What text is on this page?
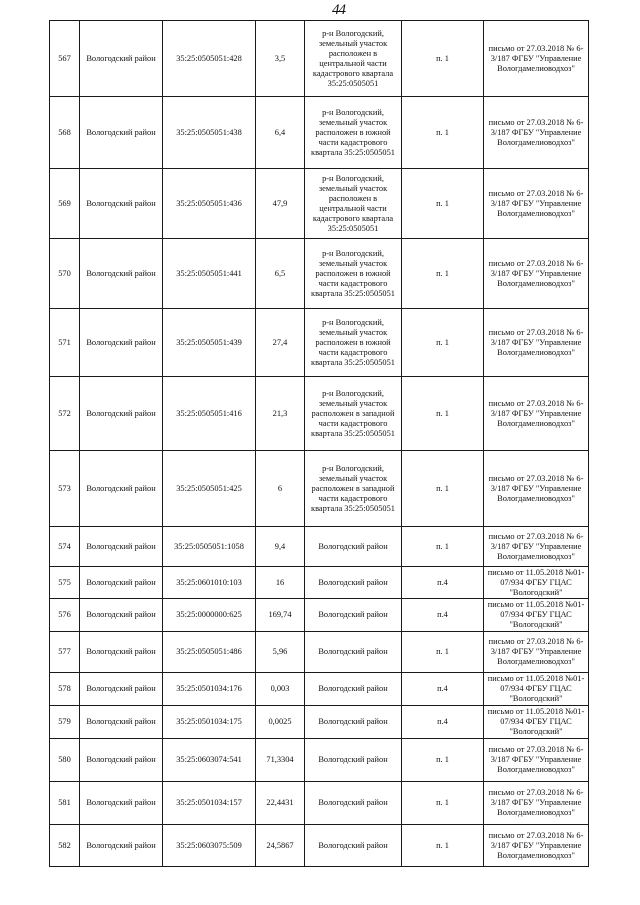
44
567	Вологодский район	35:25:0505051:428	3,5	р-н Вологодский, земельный участок расположен в центральной части кадастрового квартала 35:25:0505051	п. 1	письмо от 27.03.2018 № 6-3/187 ФГБУ "Управление Вологдамелиоводхоз"
568	Вологодский район	35:25:0505051:438	6,4	р-н Вологодский, земельный участок расположен в южной части кадастрового квартала 35:25:0505051	п. 1	письмо от 27.03.2018 № 6-3/187 ФГБУ "Управление Вологдамелиоводхоз"
569	Вологодский район	35:25:0505051:436	47,9	р-н Вологодский, земельный участок расположен в центральной части кадастрового квартала 35:25:0505051	п. 1	письмо от 27.03.2018 № 6-3/187 ФГБУ "Управление Вологдамелиоводхоз"
570	Вологодский район	35:25:0505051:441	6,5	р-н Вологодский, земельный участок расположен в южной части кадастрового квартала 35:25:0505051	п. 1	письмо от 27.03.2018 № 6-3/187 ФГБУ "Управление Вологдамелиоводхоз"
571	Вологодский район	35:25:0505051:439	27,4	р-н Вологодский, земельный участок расположен в южной части кадастрового квартала 35:25:0505051	п. 1	письмо от 27.03.2018 № 6-3/187 ФГБУ "Управление Вологдамелиоводхоз"
572	Вологодский район	35:25:0505051:416	21,3	р-н Вологодский, земельный участок расположен в западной части кадастрового квартала 35:25:0505051	п. 1	письмо от 27.03.2018 № 6-3/187 ФГБУ "Управление Вологдамелиоводхоз"
573	Вологодский район	35:25:0505051:425	6	р-н Вологодский, земельный участок расположен в западной части кадастрового квартала 35:25:0505051	п. 1	письмо от 27.03.2018 № 6-3/187 ФГБУ "Управление Вологдамелиоводхоз"
574	Вологодский район	35:25:0505051:1058	9,4	Вологодский район	п. 1	письмо от 27.03.2018 № 6-3/187 ФГБУ "Управление Вологдамелиоводхоз"
575	Вологодский район	35:25:0601010:103	16	Вологодский район	п.4	письмо от 11.05.2018 №01-07/934 ФГБУ ГЦАС "Вологодский"
576	Вологодский район	35:25:0000000:625	169,74	Вологодский район	п.4	письмо от 11.05.2018 №01-07/934 ФГБУ ГЦАС "Вологодский"
577	Вологодский район	35:25:0505051:486	5,96	Вологодский район	п. 1	письмо от 27.03.2018 № 6-3/187 ФГБУ "Управление Вологдамелиоводхоз"
578	Вологодский район	35:25:0501034:176	0,003	Вологодский район	п.4	письмо от 11.05.2018 №01-07/934 ФГБУ ГЦАС "Вологодский"
579	Вологодский район	35:25:0501034:175	0,0025	Вологодский район	п.4	письмо от 11.05.2018 №01-07/934 ФГБУ ГЦАС "Вологодский"
580	Вологодский район	35:25:0603074:541	71,3304	Вологодский район	п. 1	письмо от 27.03.2018 № 6-3/187 ФГБУ "Управление Вологдамелиоводхоз"
581	Вологодский район	35:25:0501034:157	22,4431	Вологодский район	п. 1	письмо от 27.03.2018 № 6-3/187 ФГБУ "Управление Вологдамелиоводхоз"
582	Вологодский район	35:25:0603075:509	24,5867	Вологодский район	п. 1	письмо от 27.03.2018 № 6-3/187 ФГБУ "Управление Вологдамелиоводхоз"
